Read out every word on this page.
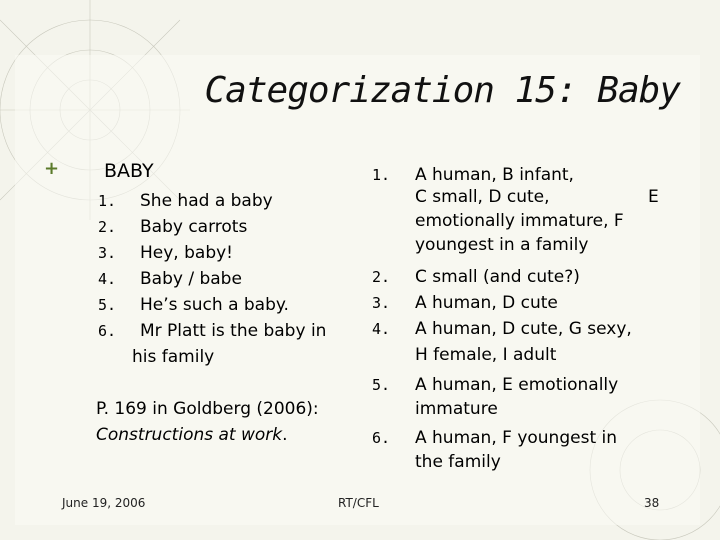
Categorization 15: Baby
+ BABY
1. She had a baby
2. Baby carrots
3. Hey, baby!
4. Baby / babe
5. He’s such a baby.
6. Mr Platt is the baby in
his family
P. 169 in Goldberg (2006):
Constructions at work.
1. A human, B infant,
C small, D cute,	E
emotionally immature, F
youngest in a family
2. C small (and cute?)
3. A human, D cute
4. A human, D cute, G sexy,
H female, I adult
5. A human, E emotionally
immature
6. A human, F youngest in
the family
June 19, 2006	RT/CFL	38
